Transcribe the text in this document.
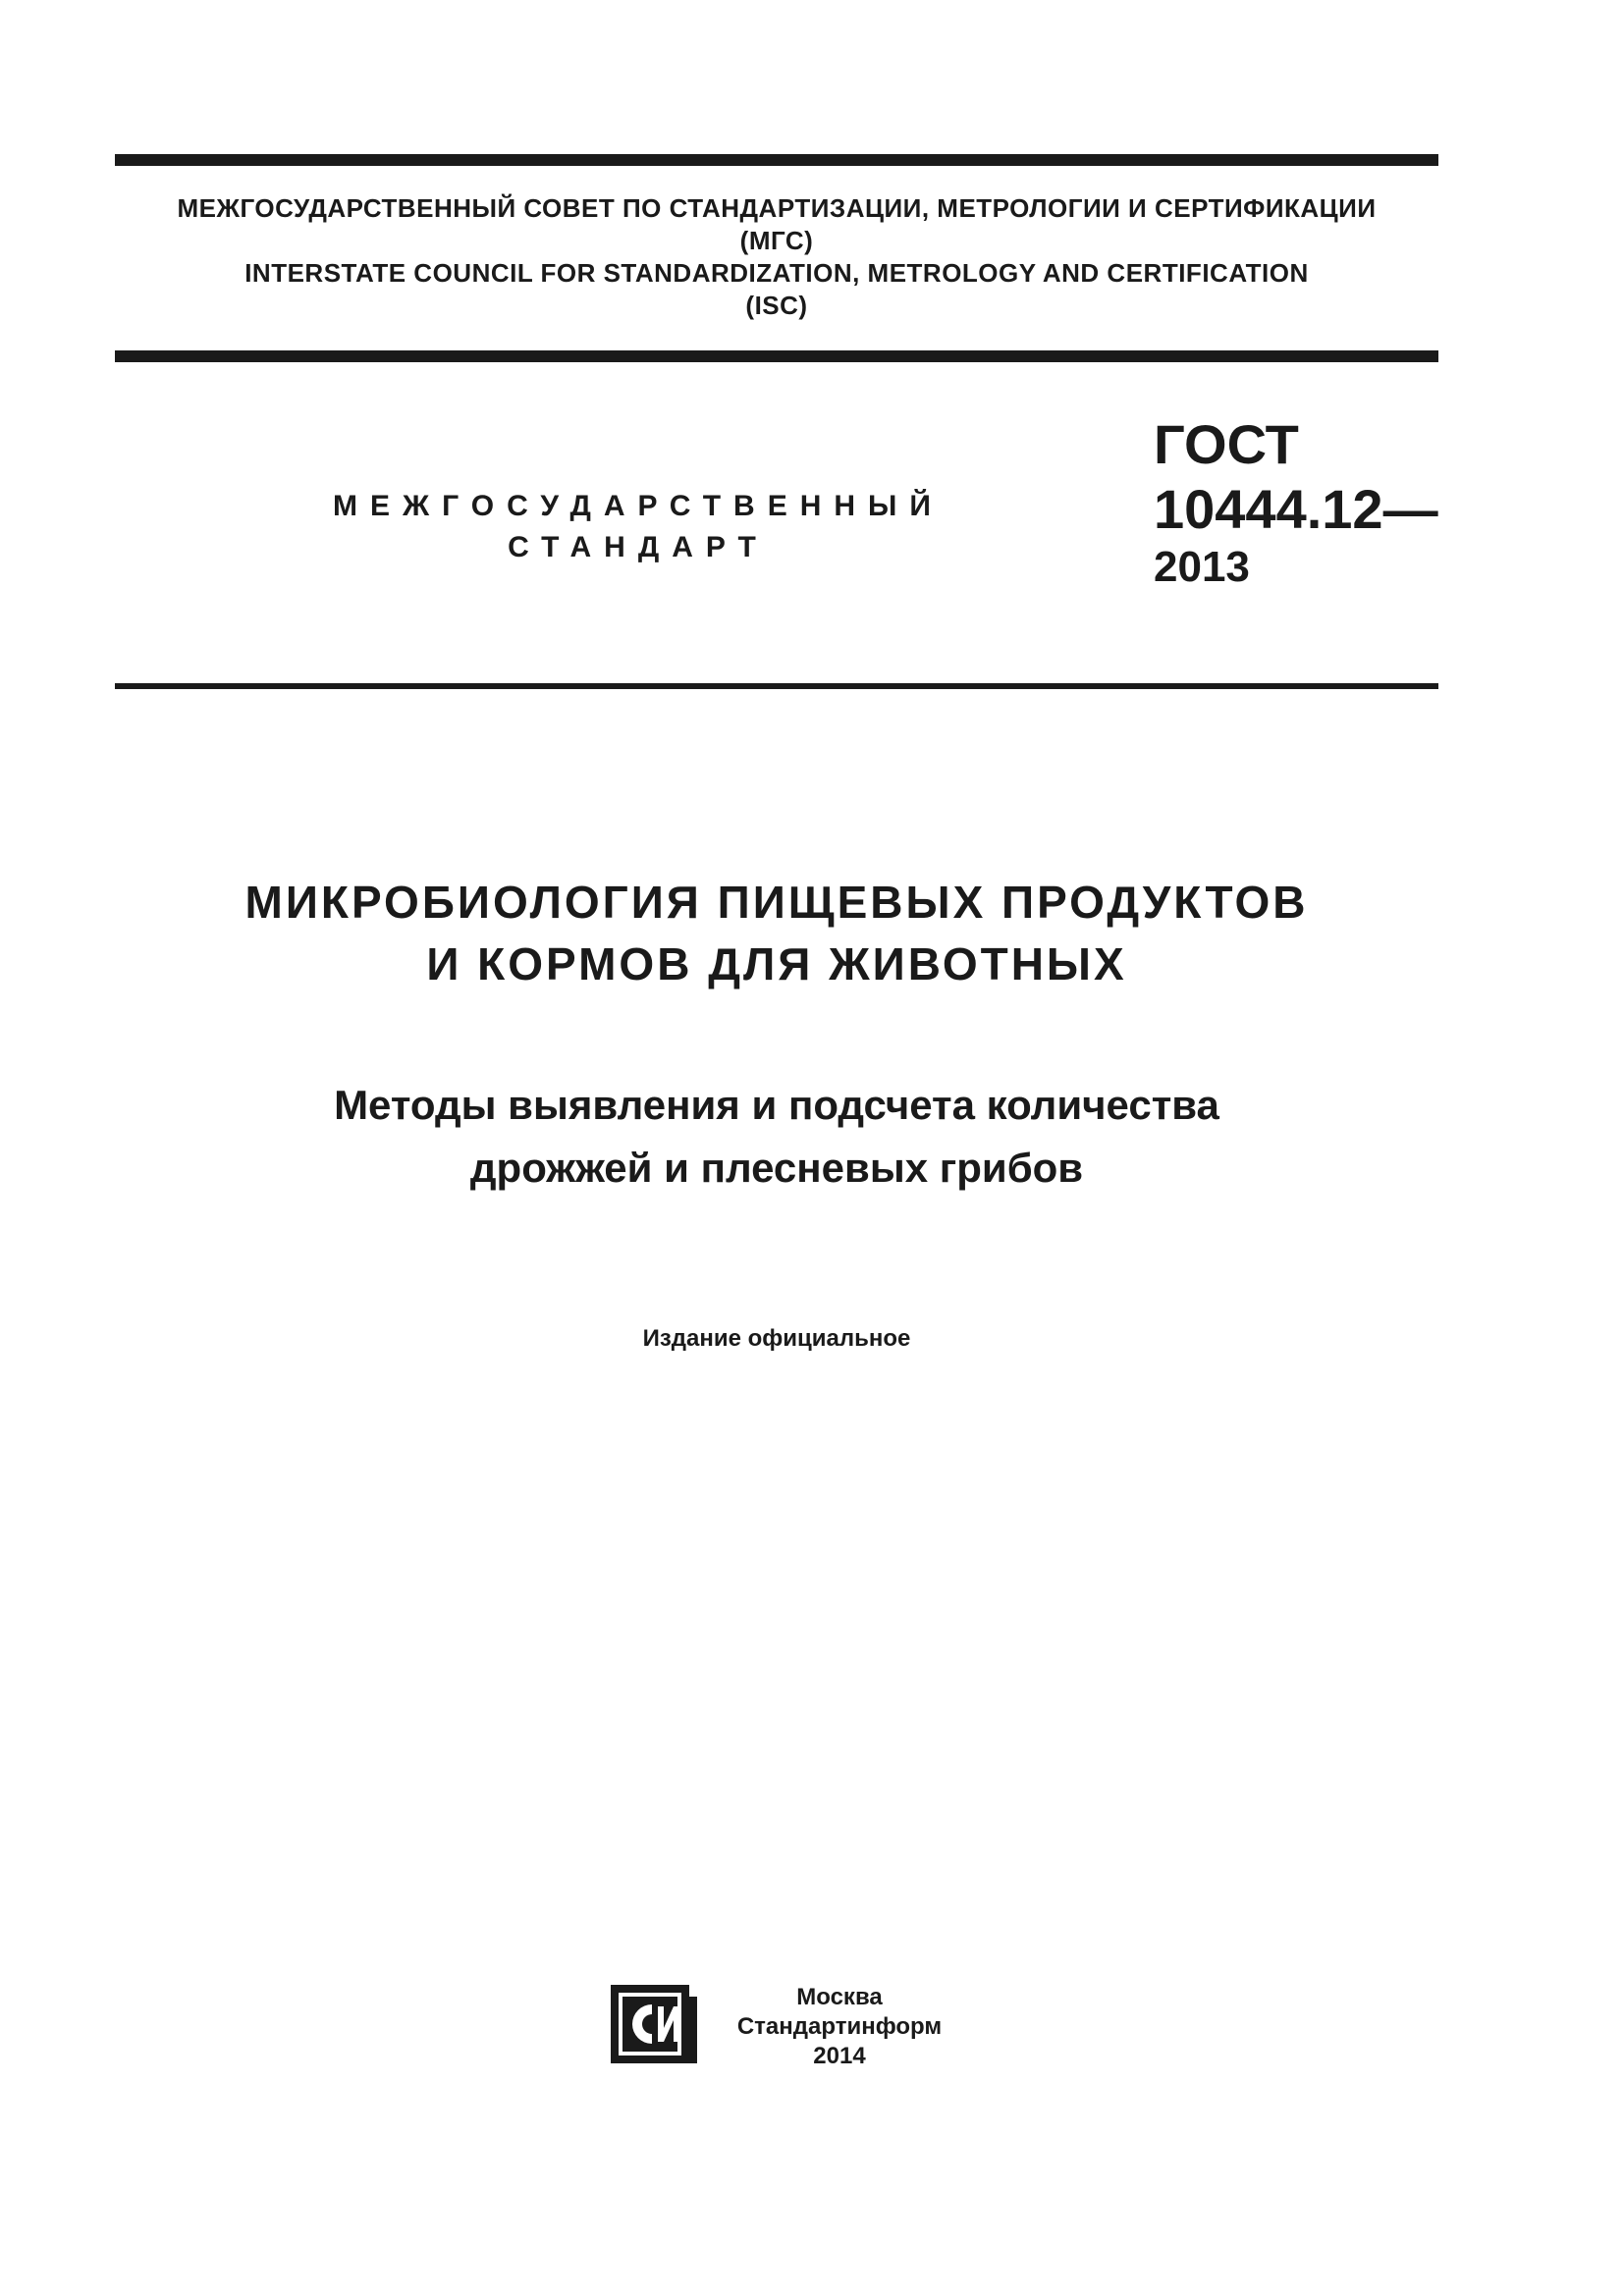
МЕЖГОСУДАРСТВЕННЫЙ СОВЕТ ПО СТАНДАРТИЗАЦИИ, МЕТРОЛОГИИ И СЕРТИФИКАЦИИ
(МГС)
INTERSTATE COUNCIL FOR STANDARDIZATION, METROLOGY AND CERTIFICATION
(ISC)
МЕЖГОСУДАРСТВЕННЫЙ
СТАНДАРТ
ГОСТ
10444.12—
2013
МИКРОБИОЛОГИЯ ПИЩЕВЫХ ПРОДУКТОВ
И КОРМОВ ДЛЯ ЖИВОТНЫХ
Методы выявления и подсчета количества
дрожжей и плесневых грибов
Издание официальное
Москва
Стандартинформ
2014
